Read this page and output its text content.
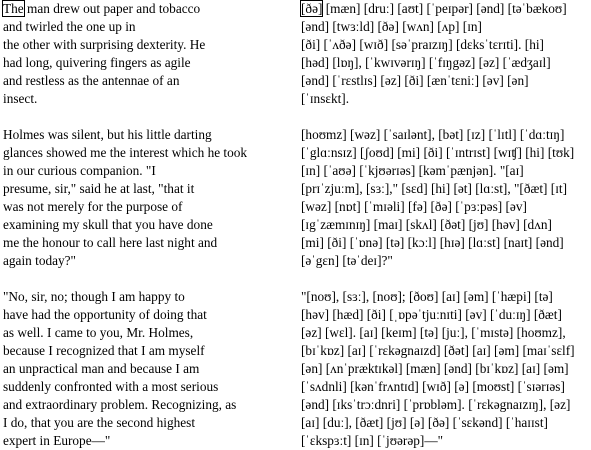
The man drew out paper and tobacco
and twirled the one up in
the other with surprising dexterity. He
had long, quivering fingers as agile
and restless as the antennae of an
insect.
Holmes was silent, but his little darting
glances showed me the interest which he took
in our curious companion. "I
presume, sir," said he at last, "that it
was not merely for the purpose of
examining my skull that you have done
me the honour to call here last night and
again today?"
"No, sir, no; though I am happy to
have had the opportunity of doing that
as well. I came to you, Mr. Holmes,
because I recognized that I am myself
an unpractical man and because I am
suddenly confronted with a most serious
and extraordinary problem. Recognizing, as
I do, that you are the second highest
expert in Europe—"
[ðə] [mæn] [druː] [aʊt] [ˈpeɪpər] [ənd] [təˈbækoʊ]
[ənd] [twɜːld] [ðə] [wʌn] [ʌp] [ɪn]
[ði] [ˈʌðə] [wɪð] [səˈpraɪzɪŋ] [dɛksˈtɛrɪti]. [hi]
[həd] [lɒŋ], [ˈkwɪvərɪŋ] [ˈfɪŋgəz] [əz] [ˈædʒaɪl]
[ənd] [ˈrɛstlɪs] [əz] [ði] [ænˈtɛniː] [əv] [ən]
[ˈɪnsɛkt].
[hoʊmz] [wəz] [ˈsaɪlənt], [bət] [ɪz] [ˈlɪtl] [ˈdɑːtɪŋ]
[ˈglɑːnsɪz] [ʃoʊd] [mi] [ði] [ˈɪntrɪst] [wɪʧ] [hi] [tʊk]
[ɪn] [ˈaʊə] [ˈkjʊərɪəs] [kəmˈpænjən]. "[aɪ]
[prɪˈzjuːm], [sɜː]," [sɛd] [hi] [ət] [lɑːst], "[ðæt] [ɪt]
[wəz] [nɒt] [ˈmɪəli] [fə] [ðə] [ˈpɜːpəs] [əv]
[ɪgˈzæmɪnɪŋ] [maɪ] [skʌl] [ðət] [jʊ] [həv] [dʌn]
[mi] [ði] [ˈɒnə] [tə] [kɔːl] [hɪə] [lɑːst] [naɪt] [ənd]
[əˈgɛn] [təˈdeɪ]?"
"[noʊ], [sɜː], [noʊ]; [ðoʊ] [aɪ] [əm] [ˈhæpi] [tə]
[həv] [hæd] [ði] [ˌɒpəˈtjuːnɪti] [əv] [ˈduːɪŋ] [ðæt]
[əz] [wɛl]. [aɪ] [keɪm] [tə] [juː], [ˈmɪstə] [hoʊmz],
[bɪˈkɒz] [aɪ] [ˈrɛkəgnaɪzd] [ðət] [aɪ] [əm] [maɪˈsɛlf]
[ən] [ʌnˈpræktɪkəl] [mæn] [ənd] [bɪˈkɒz] [aɪ] [əm]
[ˈsʌdnli] [kənˈfrʌntɪd] [wɪð] [ə] [moʊst] [ˈsɪərɪəs]
[ənd] [ɪksˈtrɔːdnri] [ˈprɒbləm]. [ˈrɛkəgnaɪzɪŋ], [əz]
[aɪ] [duː], [ðæt] [jʊ] [ə] [ðə] [ˈsɛkənd] [ˈhaɪɪst]
[ˈɛkspɜːt] [ɪn] [ˈjʊərəp]—"
